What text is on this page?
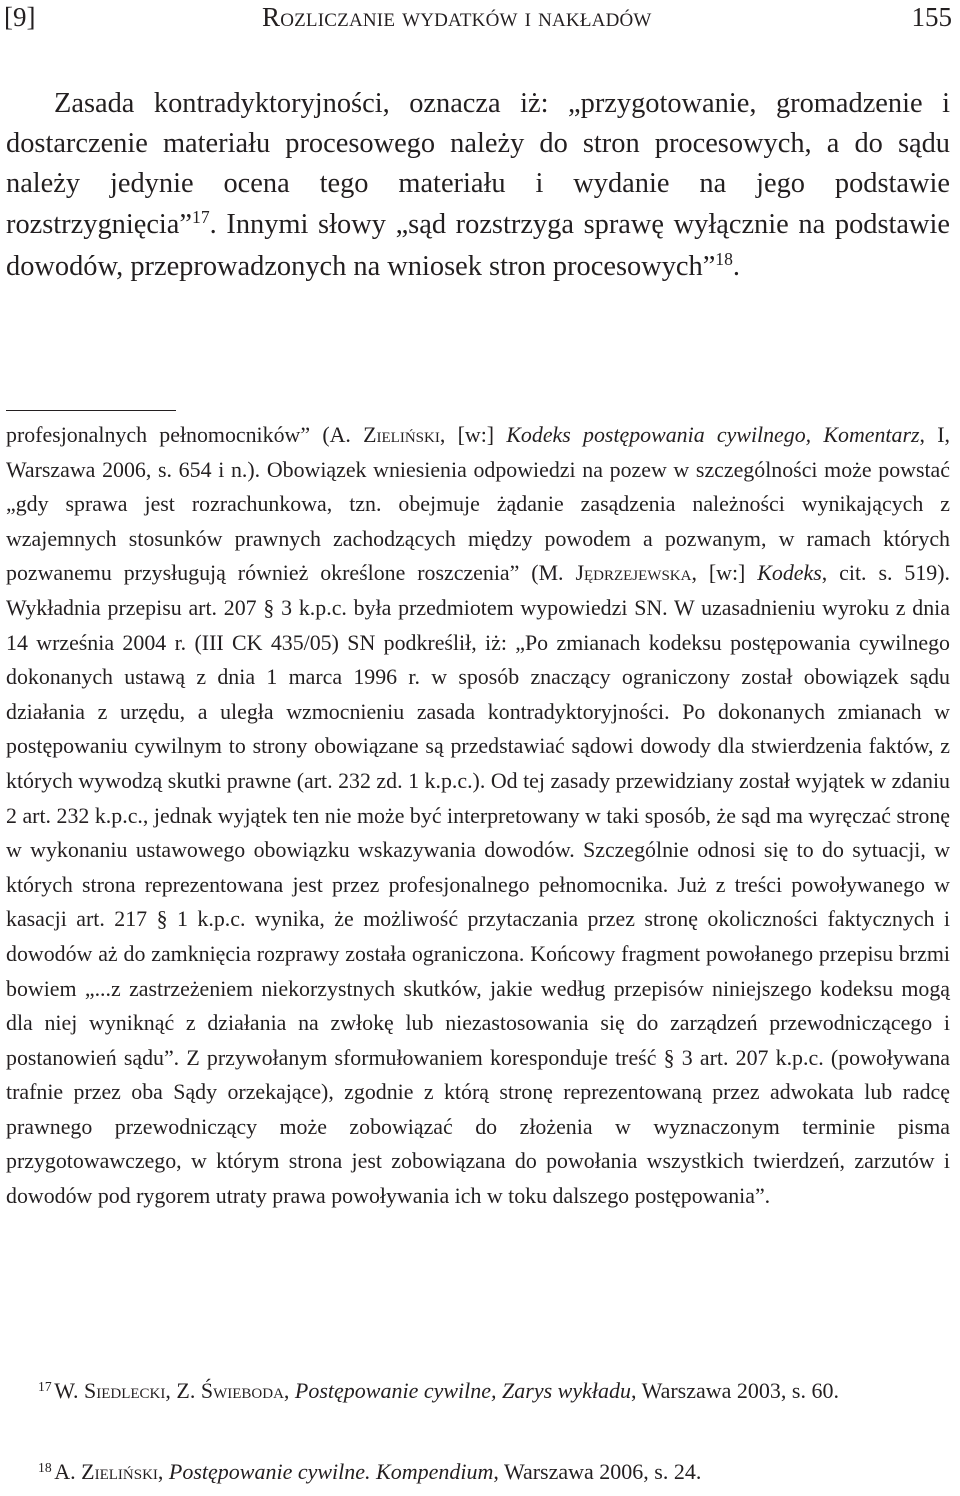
[9]	Rozliczanie wydatków i nakładów	155

Zasada kontradyktoryjności, oznacza iż: „przygotowanie, gromadzenie i dostarczenie materiału procesowego należy do stron procesowych, a do sądu należy jedynie ocena tego materiału i wydanie na jego podstawie rozstrzygnięcia”$^{17}$. Innymi słowy „sąd rozstrzyga sprawę wyłącznie na podstawie dowodów, przeprowadzonych na wniosek stron procesowych”$^{18}$.

profesjonalnych pełnomocników” (A. Zieliński, [w:] Kodeks postępowania cywilnego, Komentarz, I, Warszawa 2006, s. 654 i n.). Obowiązek wniesienia odpowiedzi na pozew w szczególności może powstać „gdy sprawa jest rozrachunkowa, tzn. obejmuje żądanie zasądzenia należności wynikających z wzajemnych stosunków prawnych zachodzących między powodem a pozwanym, w ramach których pozwanemu przysługują również określone roszczenia” (M. Jędrzejewska, [w:] Kodeks, cit. s. 519). Wykładnia przepisu art. 207 § 3 k.p.c. była przedmiotem wypowiedzi SN. W uzasadnieniu wyroku z dnia 14 września 2004 r. (III CK 435/05) SN podkreślił, iż: „Po zmianach kodeksu postępowania cywilnego dokonanych ustawą z dnia 1 marca 1996 r. w sposób znaczący ograniczony został obowiązek sądu działania z urzędu, a uległa wzmocnieniu zasada kontradyktoryjności. Po dokonanych zmianach w postępowaniu cywilnym to strony obowiązane są przedstawiać sądowi dowody dla stwierdzenia faktów, z których wywodzą skutki prawne (art. 232 zd. 1 k.p.c.). Od tej zasady przewidziany został wyjątek w zdaniu 2 art. 232 k.p.c., jednak wyjątek ten nie może być interpretowany w taki sposób, że sąd ma wyręczać stronę w wykonaniu ustawowego obowiązku wskazywania dowodów. Szczególnie odnosi się to do sytuacji, w których strona reprezentowana jest przez profesjonalnego pełnomocnika. Już z treści powoływanego w kasacji art. 217 § 1 k.p.c. wynika, że możliwość przytaczania przez stronę okoliczności faktycznych i dowodów aż do zamknięcia rozprawy została ograniczona. Końcowy fragment powołanego przepisu brzmi bowiem „...z zastrzeżeniem niekorzystnych skutków, jakie według przepisów niniejszego kodeksu mogą dla niej wyniknąć z działania na zwłokę lub niezastosowania się do zarządzeń przewodniczącego i postanowień sądu”. Z przywołanym sformułowaniem koresponduje treść § 3 art. 207 k.p.c. (powoływana trafnie przez oba Sądy orzekające), zgodnie z którą stronę reprezentowaną przez adwokata lub radcę prawnego przewodniczący może zobowiązać do złożenia w wyznaczonym terminie pisma przygotowawczego, w którym strona jest zobowiązana do powołania wszystkich twierdzeń, zarzutów i dowodów pod rygorem utraty prawa powoływania ich w toku dalszego postępowania”.

$^{17}$ W. Siedlecki, Z. Świeboda, Postępowanie cywilne, Zarys wykładu, Warszawa 2003, s. 60.

$^{18}$ A. Zieliński, Postępowanie cywilne. Kompendium, Warszawa 2006, s. 24.
